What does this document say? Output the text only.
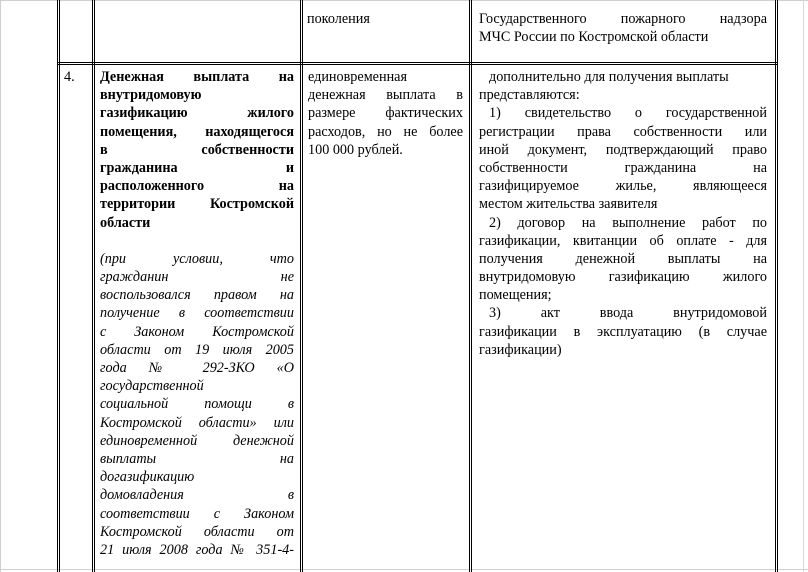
поколения	Государственного пожарного надзора
МЧС России по Костромской области
4.	Денежная выплата на
внутридомовую
газификацию жилого
помещения, находящегося
в собственности
гражданина и
расположенного на
территории Костромской
области
(при условии, что
гражданин не
воспользовался правом на
получение в соответствии
с Законом Костромской
области от 19 июля 2005
года № 292-ЗКО «О
государственной
социальной помощи в
Костромской области» или
единовременной денежной
выплаты на
догазификацию
домовладения в
соответствии с Законом
Костромской области от
21 июля 2008 года № 351-4-
единовременная
денежная выплата в
размере фактических
расходов, но не более
100 000 рублей.
дополнительно для получения выплаты
представляются:
1) свидетельство о государственной
регистрации права собственности или
иной документ, подтверждающий право
собственности гражданина на
газифицируемое жилье, являющееся
местом жительства заявителя
2) договор на выполнение работ по
газификации, квитанции об оплате - для
получения денежной выплаты на
внутридомовую газификацию жилого
помещения;
3) акт ввода внутридомовой
газификации в эксплуатацию (в случае
газификации)
